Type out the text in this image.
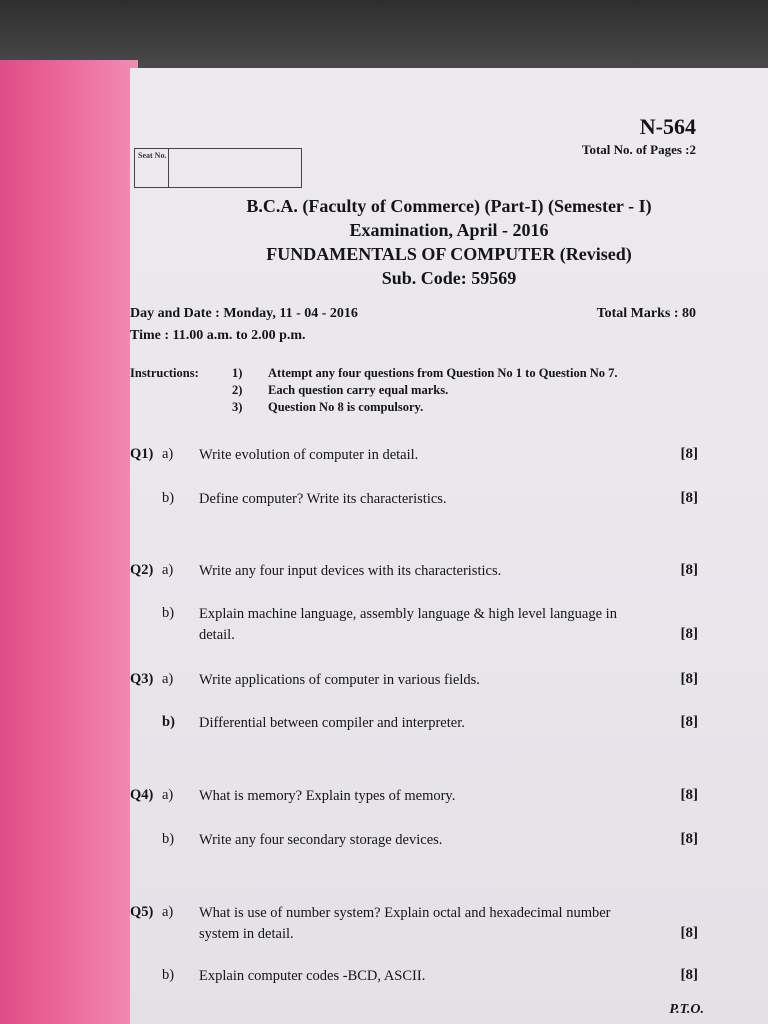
N-564
Total No. of Pages :2
Seat No.
B.C.A. (Faculty of Commerce) (Part-I) (Semester - I)
Examination, April - 2016
FUNDAMENTALS OF COMPUTER (Revised)
Sub. Code: 59569
Day and Date : Monday, 11 - 04 - 2016	Total Marks : 80
Time : 11.00 a.m. to 2.00 p.m.
Instructions:	1) Attempt any four questions from Question No 1 to Question No 7.
2) Each question carry equal marks.
3) Question No 8 is compulsory.
Q1) a) Write evolution of computer in detail.	[8]
b) Define computer? Write its characteristics.	[8]
Q2) a) Write any four input devices with its characteristics.	[8]
b) Explain machine language, assembly language & high level language in
detail.	[8]
Q3) a) Write applications of computer in various fields.	[8]
b) Differential between compiler and interpreter.	[8]
Q4) a) What is memory? Explain types of memory.	[8]
b) Write any four secondary storage devices.	[8]
Q5) a) What is use of number system? Explain octal and hexadecimal number
system in detail.	[8]
b) Explain computer codes -BCD, ASCII.	[8]
P.T.O.
